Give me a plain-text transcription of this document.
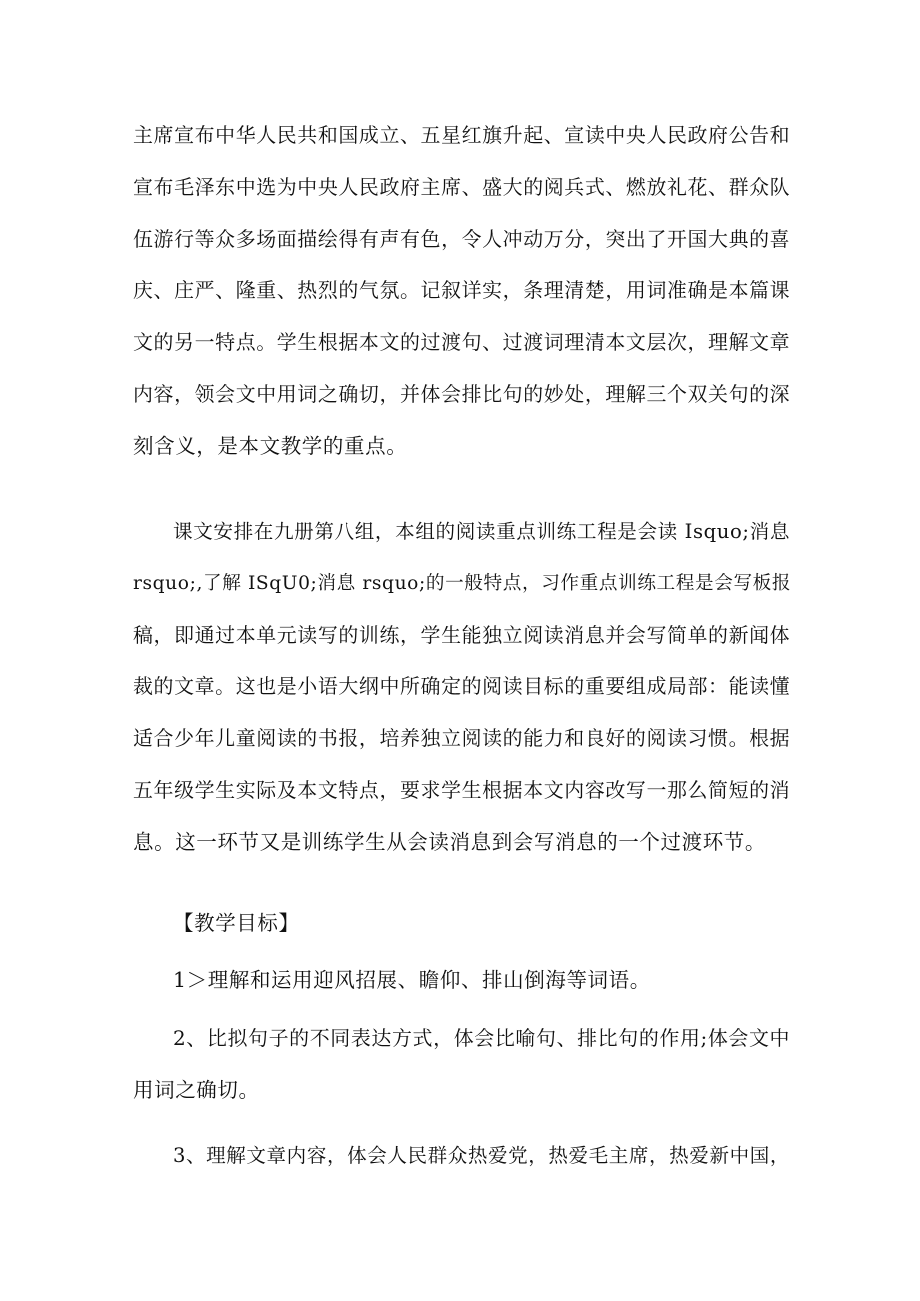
主席宣布中华人民共和国成立、五星红旗升起、宣读中央人民政府公告和
宣布毛泽东中选为中央人民政府主席、盛大的阅兵式、燃放礼花、群众队
伍游行等众多场面描绘得有声有色，令人冲动万分，突出了开国大典的喜
庆、庄严、隆重、热烈的气氛。记叙详实，条理清楚，用词准确是本篇课
文的另一特点。学生根据本文的过渡句、过渡词理清本文层次，理解文章
内容，领会文中用词之确切，并体会排比句的妙处，理解三个双关句的深
刻含义，是本文教学的重点。
课文安排在九册第八组，本组的阅读重点训练工程是会读 Isquo;消息
rsquo;,了解 ISqU0;消息 rsquo;的一般特点，习作重点训练工程是会写板报
稿，即通过本单元读写的训练，学生能独立阅读消息并会写简单的新闻体
裁的文章。这也是小语大纲中所确定的阅读目标的重要组成局部：能读懂
适合少年儿童阅读的书报，培养独立阅读的能力和良好的阅读习惯。根据
五年级学生实际及本文特点，要求学生根据本文内容改写一那么简短的消
息。这一环节又是训练学生从会读消息到会写消息的一个过渡环节。
【教学目标】
1＞理解和运用迎风招展、瞻仰、排山倒海等词语。
2、比拟句子的不同表达方式，体会比喻句、排比句的作用;体会文中
用词之确切。
3、理解文章内容，体会人民群众热爱党，热爱毛主席，热爱新中国，
